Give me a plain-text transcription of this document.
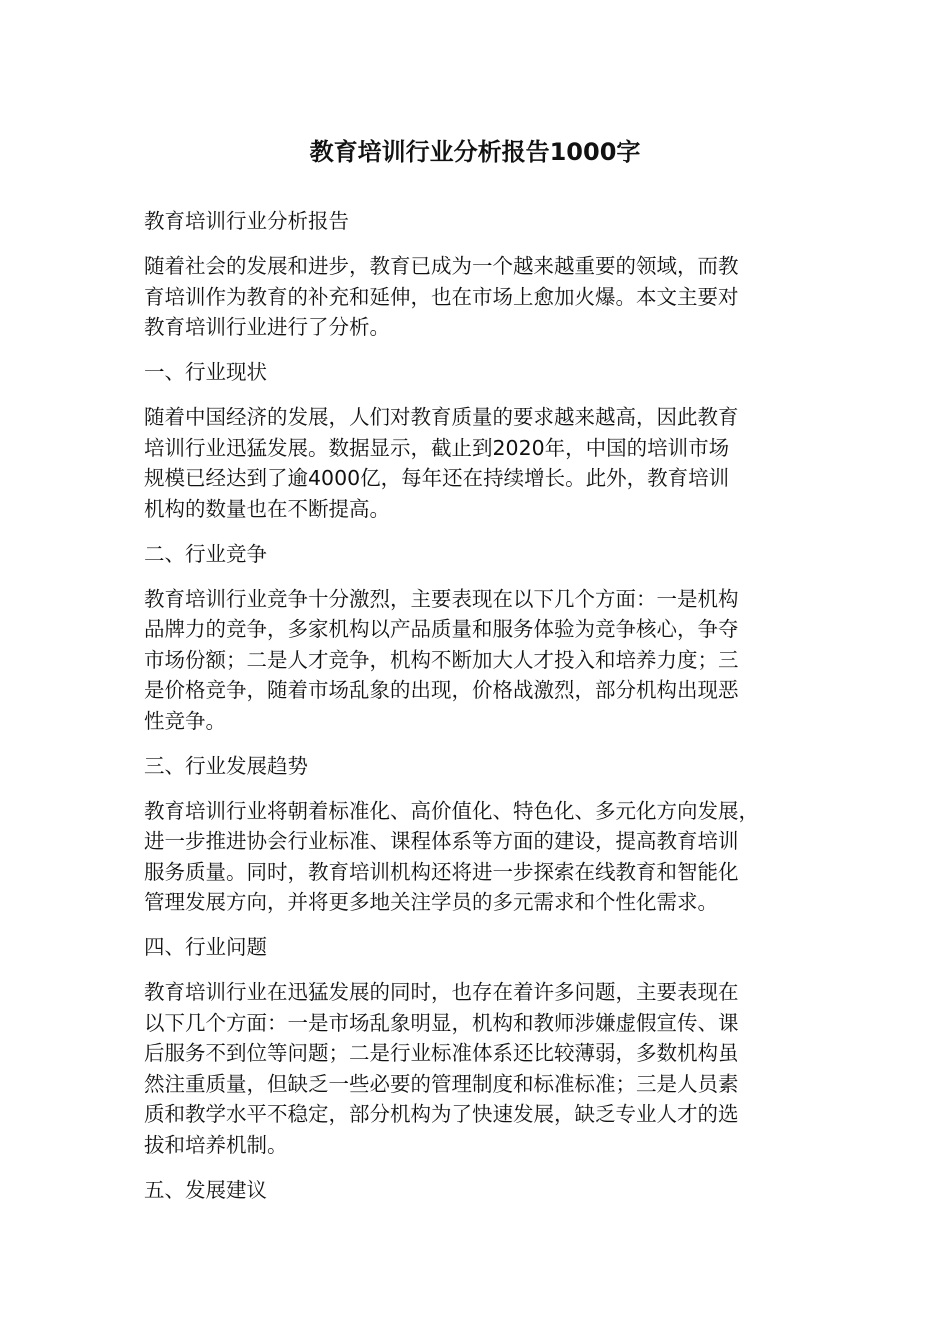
教育培训行业分析报告1000字

教育培训行业分析报告

随着社会的发展和进步，教育已成为一个越来越重要的领域，而教
育培训作为教育的补充和延伸，也在市场上愈加火爆。本文主要对
教育培训行业进行了分析。

一、行业现状

随着中国经济的发展，人们对教育质量的要求越来越高，因此教育
培训行业迅猛发展。数据显示，截止到2020年，中国的培训市场
规模已经达到了逾4000亿，每年还在持续增长。此外，教育培训
机构的数量也在不断提高。

二、行业竞争

教育培训行业竞争十分激烈，主要表现在以下几个方面：一是机构
品牌力的竞争，多家机构以产品质量和服务体验为竞争核心，争夺
市场份额；二是人才竞争，机构不断加大人才投入和培养力度；三
是价格竞争，随着市场乱象的出现，价格战激烈，部分机构出现恶
性竞争。

三、行业发展趋势

教育培训行业将朝着标准化、高价值化、特色化、多元化方向发展，
进一步推进协会行业标准、课程体系等方面的建设，提高教育培训
服务质量。同时，教育培训机构还将进一步探索在线教育和智能化
管理发展方向，并将更多地关注学员的多元需求和个性化需求。

四、行业问题

教育培训行业在迅猛发展的同时，也存在着许多问题，主要表现在
以下几个方面：一是市场乱象明显，机构和教师涉嫌虚假宣传、课
后服务不到位等问题；二是行业标准体系还比较薄弱，多数机构虽
然注重质量，但缺乏一些必要的管理制度和标准标准；三是人员素
质和教学水平不稳定，部分机构为了快速发展，缺乏专业人才的选
拔和培养机制。

五、发展建议
